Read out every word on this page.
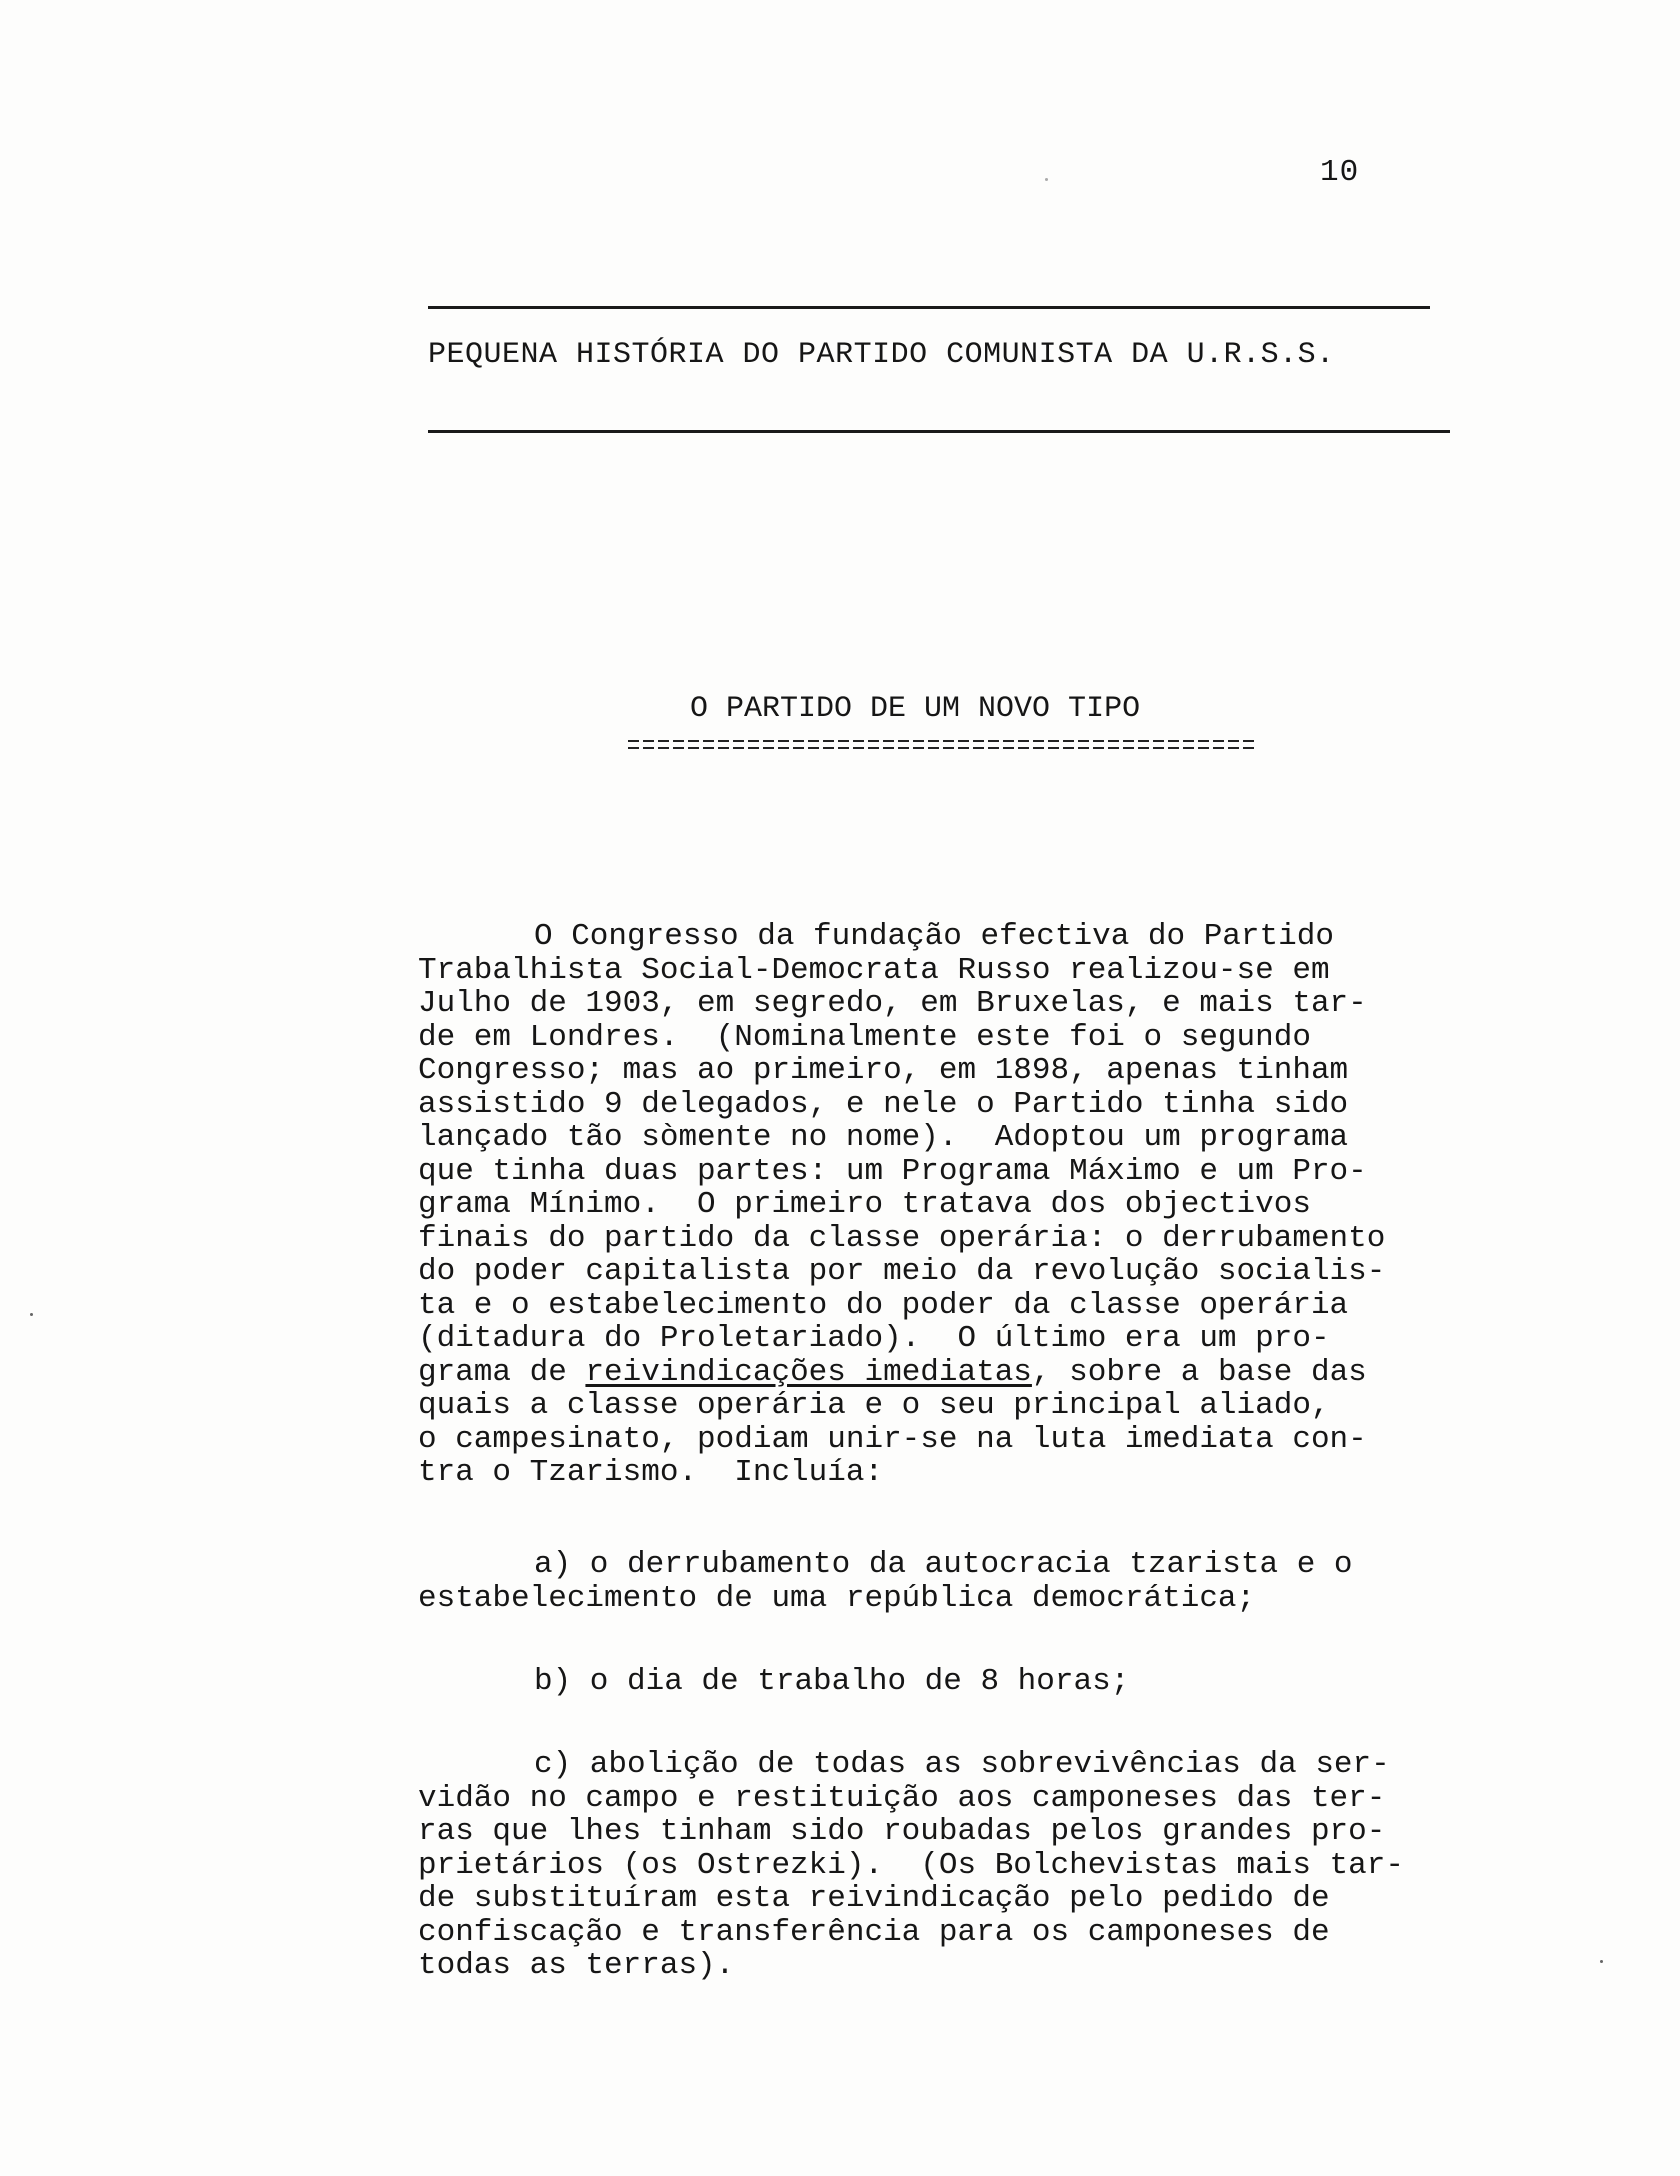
10
PEQUENA HISTÓRIA DO PARTIDO COMUNISTA DA U.R.S.S.
O PARTIDO DE UM NOVO TIPO
O Congresso da fundação efectiva do Partido
Trabalhista Social-Democrata Russo realizou-se em
Julho de 1903, em segredo, em Bruxelas, e mais tar-
de em Londres.  (Nominalmente este foi o segundo
Congresso; mas ao primeiro, em 1898, apenas tinham
assistido 9 delegados, e nele o Partido tinha sido
lançado tão sòmente no nome).  Adoptou um programa
que tinha duas partes: um Programa Máximo e um Pro-
grama Mínimo.  O primeiro tratava dos objectivos
finais do partido da classe operária: o derrubamento
do poder capitalista por meio da revolução socialis-
ta e o estabelecimento do poder da classe operária
(ditadura do Proletariado).  O último era um pro-
grama de reivindicações imediatas, sobre a base das
quais a classe operária e o seu principal aliado,
o campesinato, podiam unir-se na luta imediata con-
tra o Tzarismo.  Incluía:
a) o derrubamento da autocracia tzarista e o
estabelecimento de uma república democrática;
b) o dia de trabalho de 8 horas;
c) abolição de todas as sobrevivências da ser-
vidão no campo e restituição aos camponeses das ter-
ras que lhes tinham sido roubadas pelos grandes pro-
prietários (os Ostrezki).  (Os Bolchevistas mais tar-
de substituíram esta reivindicação pelo pedido de
confiscação e transferência para os camponeses de
todas as terras).
